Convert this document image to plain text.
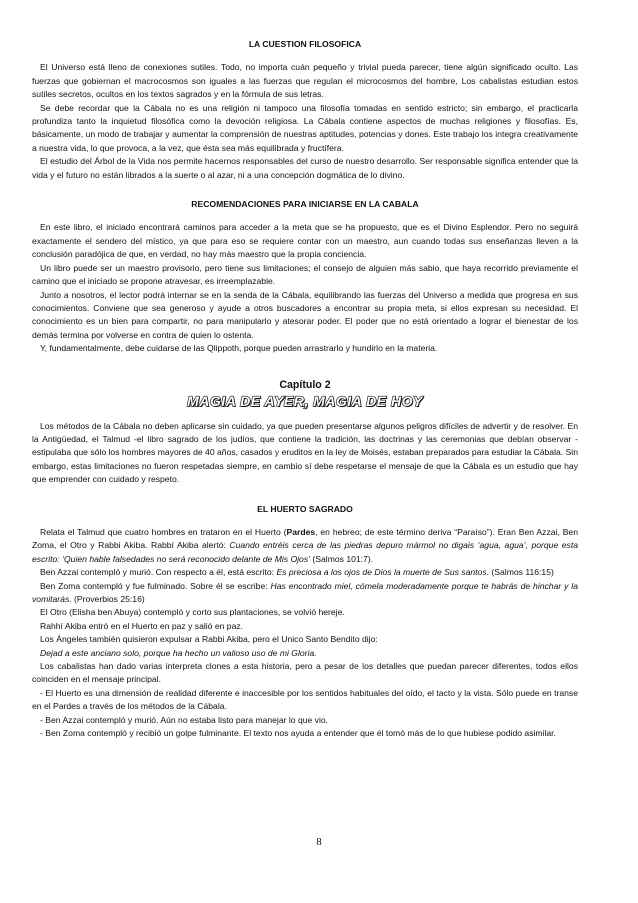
LA CUESTION FILOSOFICA

El Universo está lleno de conexiones sutiles. Todo, no importa cuán pequeño y trivial pueda parecer, tiene algún significado oculto. Las fuerzas que gobiernan el macrocosmos son iguales a las fuerzas que regulan el microcosmos del hombre, Los cabalistas estudian estos sutiles secretos, ocultos en los textos sagrados y en la fórmula de sus letras.

Se debe recordar que la Cábala no es una religión ni tampoco una filosofía tomadas en sentido estricto; sin embargo, el practicarla profundiza tanto la inquietud filosófica como la devoción religiosa. La Cábala contiene aspectos de muchas religiones y filosofías. Es, básicamente, un modo de trabajar y aumentar la comprensión de nuestras aptitudes, potencias y dones. Este trabajo los integra creativamente a nuestra vida, lo que provoca, a la vez, que ésta sea más equilibrada y fructífera.

El estudio del Árbol de la Vida nos permite hacernos responsables del curso de nuestro desarrollo. Ser responsable significa entender que la vida y el futuro no están librados a la suerte o al azar, ni a una concepción dogmática de lo divino.

RECOMENDACIONES PARA INICIARSE EN LA CABALA

En este libro, el iniciado encontrará caminos para acceder a la meta que se ha propuesto, que es el Divino Esplendor. Pero no seguirá exactamente el sendero del místico, ya que para eso se requiere contar con un maestro, aun cuando todas sus enseñanzas lleven a la conclusión paradójica de que, en verdad, no hay más maestro que la propia conciencia.

Un libro puede ser un maestro provisorio, pero tiene sus limitaciones; el consejo de alguien más sabio, que haya recorrido previamente el camino que el iniciado se propone atravesar, es irreemplazable.

Junto a nosotros, el lector podrá internar se en la senda de la Cábala, equilibrando las fuerzas del Universo a medida que progresa en sus conocimientos. Conviene que sea generoso y ayude a otros buscadores a encontrar su propia meta, si ellos expresan su necesidad. El conocimiento es un bien para compartir, no para manipularlo y atesorar poder. El poder que no está orientado a lograr el bienestar de los demás termina por volverse en contra de quien lo ostenta.

Y, fundamentalmente, debe cuidarse de las Qlippoth, porque pueden arrastrarlo y hundirlo en la materia.

Capítulo 2
MAGIA DE AYER, MAGIA DE HOY

Los métodos de la Cábala no deben aplicarse sin cuidado, ya que pueden presentarse algunos peligros difíciles de advertir y de resolver. En la Antigüedad, el Talmud -el libro sagrado de los judíos, que contiene la tradición, las doctrinas y las ceremonias que debían observar -estipulaba que sólo los hombres mayores de 40 años, casados y eruditos en la ley de Moisés, estaban preparados para estudiar la Cábala. Sin embargo, estas limitaciones no fueron respetadas siempre, en cambio sí debe respetarse el mensaje de que la Cábala es un estudio que hay que emprender con cuidado y respeto.

EL HUERTO SAGRADO

Relata el Talmud que cuatro hombres en trataron en el Huerto (Pardes, en hebreo; de este término deriva “Paraíso”). Eran Ben Azzai, Ben Zoma, el Otro y Rabbi Akiba. Rabbí Akiba alertó: Cuando entréis cerca de las piedras depuro mármol no digais ‘agua, agua’, porque esta escrito: ‘Quien hable falsedades no será reconocido delante de Mis Ojos’ (Salmos 101:7).

Ben Azzai contempló y murió. Con respecto a él, está escrito: Es preciosa a los ojos de Dios la muerte de Sus santos. (Salmos 116:15)

Ben Zoma contempló y fue fulminado. Sobre él se escribe: Has encontrado miel, cómela moderadamente porque te habrás de hinchar y la vomitarás. (Proverbios 25:16)

El Otro (Elisha ben Abuya) contempló y corto sus plantaciones, se volvió hereje.

Rahhí Akiba entró en el Huerto en paz y salió en paz.

Los Ángeles también quisieron expulsar a Rabbi Akiba, pero el Unico Santo Bendito dijo:

Dejad a este anciano solo, porque ha hecho un valioso uso de mi Gloria.

Los cabalistas han dado varias interpreta clones a esta historia, pero a pesar de los detalles que puedan parecer diferentes, todos ellos coinciden en el mensaje principal.

- El Huerto es una dimensión de realidad diferente e inaccesible por los sentidos habituales del oído, el tacto y la vista. Sólo puede en transe en el Pardes a través de los métodos de la Cábala.

- Ben Azzai contempló y murió. Aún no estaba listo para manejar lo que vio.

- Ben Zoma contempló y recibió un golpe fulminante. El texto nos ayuda a entender que él tomó más de lo que hubiese podido asimilar.

8
